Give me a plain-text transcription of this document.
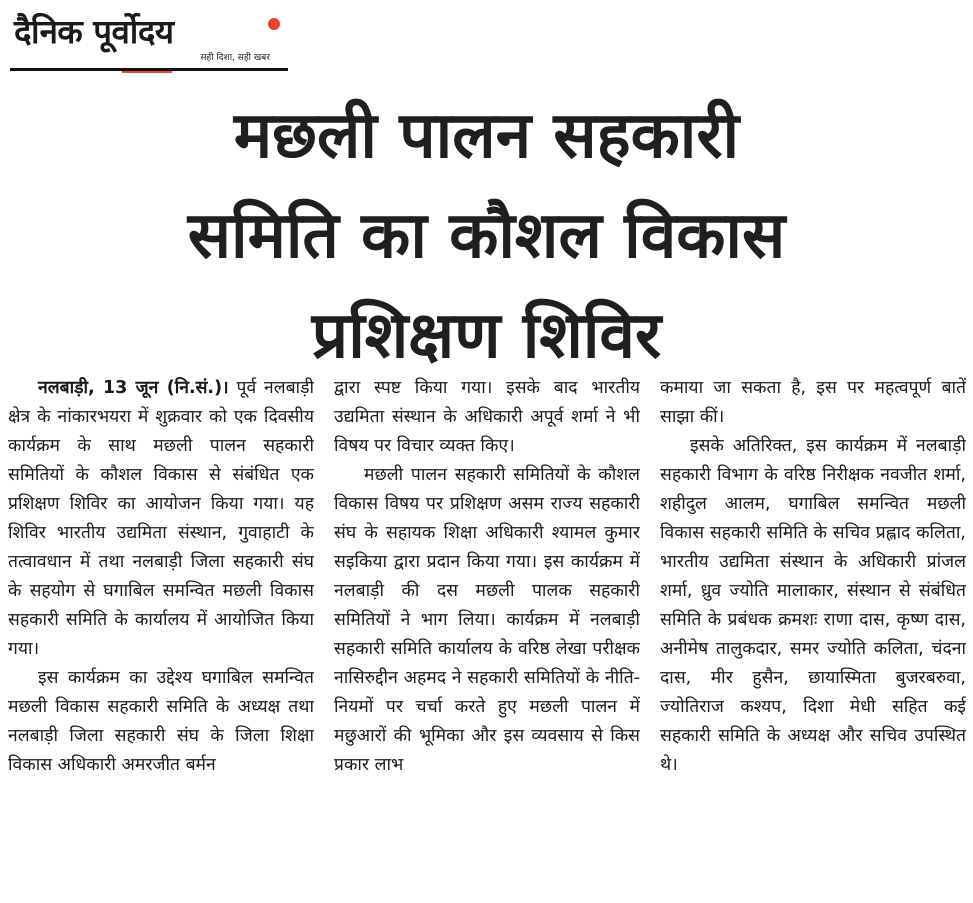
दैनिक पूर्वोदय
सही दिशा, सही खबर
मछली पालन सहकारी
समिति का कौशल विकास
प्रशिक्षण शिविर

नलबाड़ी, 13 जून (नि.सं.)। पूर्व नलबाड़ी क्षेत्र के नांकारभयरा में शुक्रवार को एक दिवसीय कार्यक्रम के साथ मछली पालन सहकारी समितियों के कौशल विकास से संबंधित एक प्रशिक्षण शिविर का आयोजन किया गया। यह शिविर भारतीय उद्यमिता संस्थान, गुवाहाटी के तत्वावधान में तथा नलबाड़ी जिला सहकारी संघ के सहयोग से घगाबिल समन्वित मछली विकास सहकारी समिति के कार्यालय में आयोजित किया गया।

इस कार्यक्रम का उद्देश्य घगाबिल समन्वित मछली विकास सहकारी समिति के अध्यक्ष तथा नलबाड़ी जिला सहकारी संघ के जिला शिक्षा विकास अधिकारी अमरजीत बर्मन

द्वारा स्पष्ट किया गया। इसके बाद भारतीय उद्यमिता संस्थान के अधिकारी अपूर्व शर्मा ने भी विषय पर विचार व्यक्त किए।

मछली पालन सहकारी समितियों के कौशल विकास विषय पर प्रशिक्षण असम राज्य सहकारी संघ के सहायक शिक्षा अधिकारी श्यामल कुमार सइकिया द्वारा प्रदान किया गया। इस कार्यक्रम में नलबाड़ी की दस मछली पालक सहकारी समितियों ने भाग लिया। कार्यक्रम में नलबाड़ी सहकारी समिति कार्यालय के वरिष्ठ लेखा परीक्षक नासिरुद्दीन अहमद ने सहकारी समितियों के नीति-नियमों पर चर्चा करते हुए मछली पालन में मछुआरों की भूमिका और इस व्यवसाय से किस प्रकार लाभ

कमाया जा सकता है, इस पर महत्वपूर्ण बातें साझा कीं।

इसके अतिरिक्त, इस कार्यक्रम में नलबाड़ी सहकारी विभाग के वरिष्ठ निरीक्षक नवजीत शर्मा, शहीदुल आलम, घगाबिल समन्वित मछली विकास सहकारी समिति के सचिव प्रह्लाद कलिता, भारतीय उद्यमिता संस्थान के अधिकारी प्रांजल शर्मा, ध्रुव ज्योति मालाकार, संस्थान से संबंधित समिति के प्रबंधक क्रमशः राणा दास, कृष्ण दास, अनीमेष तालुकदार, समर ज्योति कलिता, चंदना दास, मीर हुसैन, छायास्मिता बुजरबरुवा, ज्योतिराज कश्यप, दिशा मेधी सहित कई सहकारी समिति के अध्यक्ष और सचिव उपस्थित थे।
